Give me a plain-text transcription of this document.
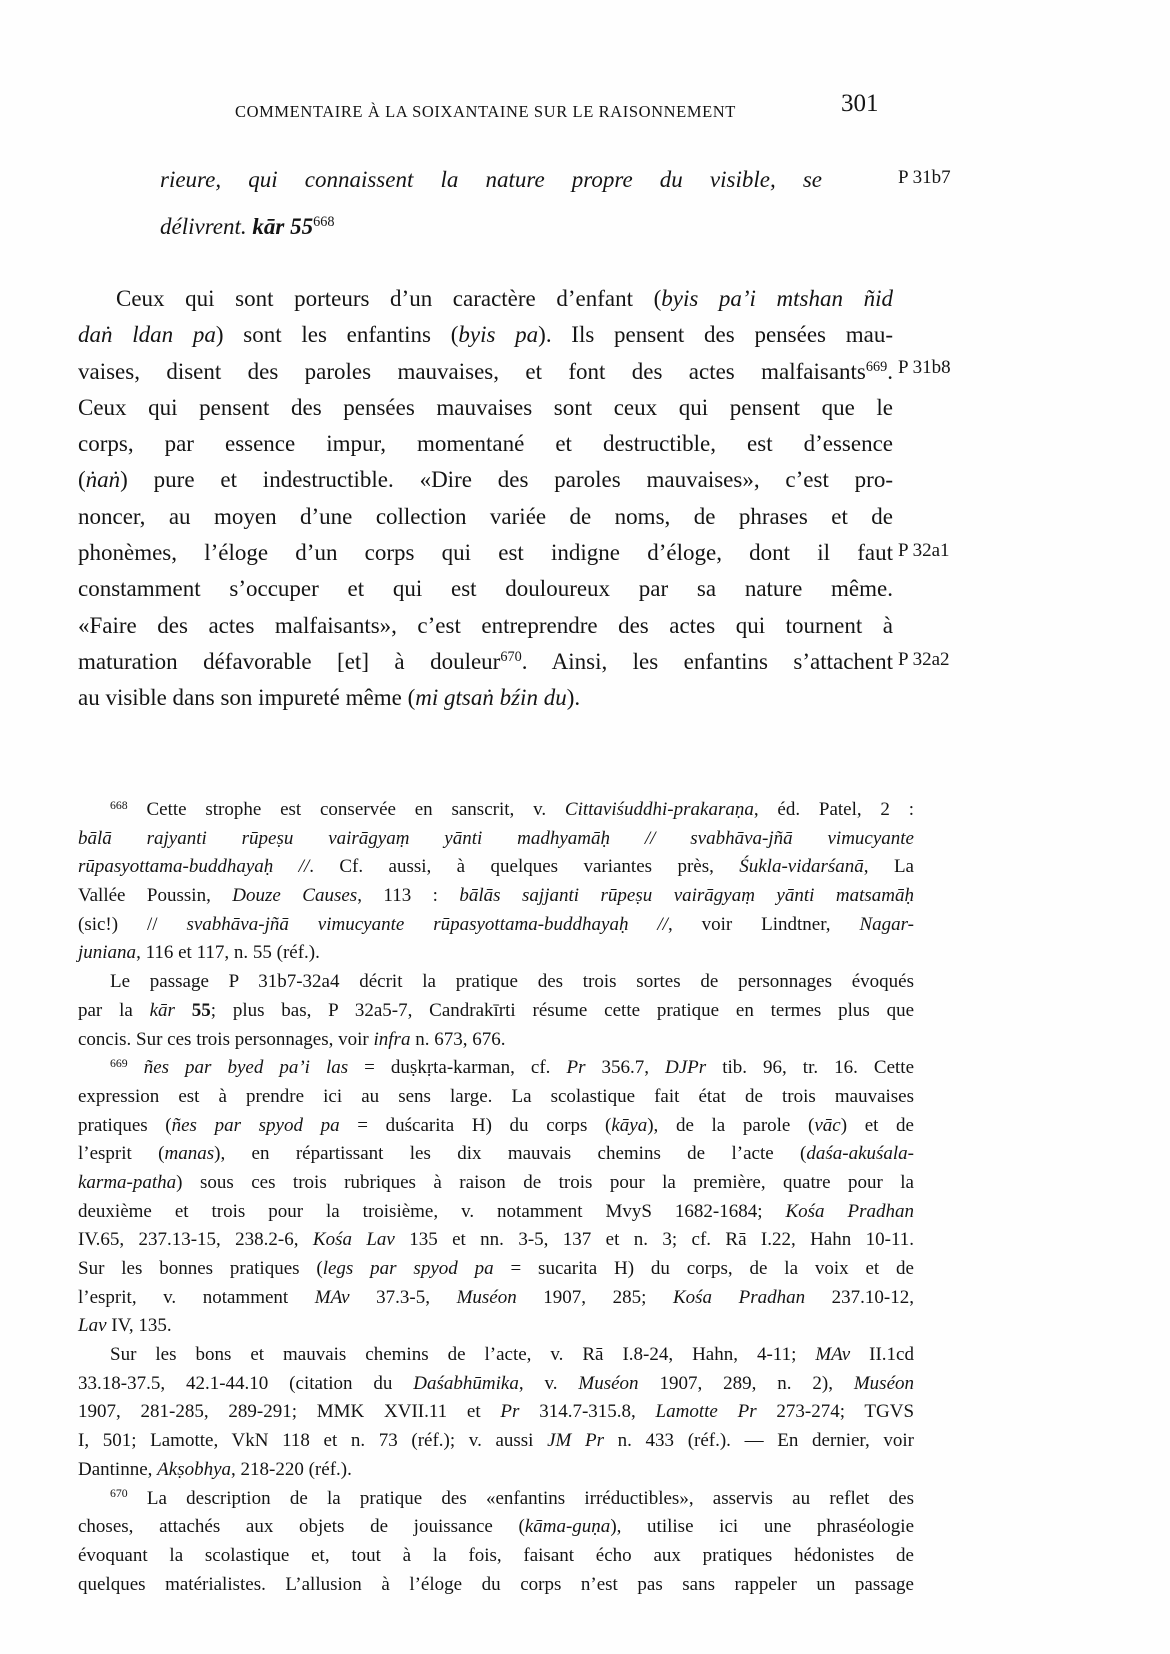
COMMENTAIRE À LA SOIXANTAINE SUR LE RAISONNEMENT	301
P 31b7
P 31b8
P 32a1
P 32a2
rieure, qui connaissent la nature propre du visible, se
délivrent. kār $55^{668}$
Ceux qui sont porteurs d’un caractère d’enfant (byis pa’i mtshan ñid
daṅ ldan pa) sont les enfantins (byis pa). Ils pensent des pensées mau-
vaises, disent des paroles mauvaises, et font des actes malfaisants$^{669}$.
Ceux qui pensent des pensées mauvaises sont ceux qui pensent que le
corps, par essence impur, momentané et destructible, est d’essence
(ṅaṅ) pure et indestructible. «Dire des paroles mauvaises», c’est pro-
noncer, au moyen d’une collection variée de noms, de phrases et de
phonèmes, l’éloge d’un corps qui est indigne d’éloge, dont il faut
constamment s’occuper et qui est douloureux par sa nature même.
«Faire des actes malfaisants», c’est entreprendre des actes qui tournent à
maturation défavorable [et] à douleur$^{670}$. Ainsi, les enfantins s’attachent
au visible dans son impureté même (mi gtsaṅ bźin du).
$^{668}$ Cette strophe est conservée en sanscrit, v. Cittaviśuddhi-prakaraṇa, éd. Patel, 2 :
bālā rajyanti rūpeṣu vairāgyaṃ yānti madhyamāḥ // svabhāva-jñā vimucyante
rūpasyottama-buddhayaḥ //. Cf. aussi, à quelques variantes près, Śukla-vidarśanā, La
Vallée Poussin, Douze Causes, 113 : bālās sajjanti rūpeṣu vairāgyaṃ yānti matsamāḥ
(sic!) // svabhāva-jñā vimucyante rūpasyottama-buddhayaḥ //, voir Lindtner, Nagar-
juniana, 116 et 117, n. 55 (réf.).
Le passage P 31b7-32a4 décrit la pratique des trois sortes de personnages évoqués
par la kār 55; plus bas, P 32a5-7, Candrakīrti résume cette pratique en termes plus que
concis. Sur ces trois personnages, voir infra n. 673, 676.
$^{669}$ ñes par byed pa’i las = duṣkṛta-karman, cf. Pr 356.7, DJPr tib. 96, tr. 16. Cette
expression est à prendre ici au sens large. La scolastique fait état de trois mauvaises
pratiques (ñes par spyod pa = duścarita H) du corps (kāya), de la parole (vāc) et de
l’esprit (manas), en répartissant les dix mauvais chemins de l’acte (daśa-akuśala-
karma-patha) sous ces trois rubriques à raison de trois pour la première, quatre pour la
deuxième et trois pour la troisième, v. notamment MvyS 1682-1684; Kośa Pradhan
IV.65, 237.13-15, 238.2-6, Kośa Lav 135 et nn. 3-5, 137 et n. 3; cf. Rā I.22, Hahn 10-11.
Sur les bonnes pratiques (legs par spyod pa = sucarita H) du corps, de la voix et de
l’esprit, v. notamment MAv 37.3-5, Muséon 1907, 285; Kośa Pradhan 237.10-12,
Lav IV, 135.
Sur les bons et mauvais chemins de l’acte, v. Rā I.8-24, Hahn, 4-11; MAv II.1cd
33.18-37.5, 42.1-44.10 (citation du Daśabhūmika, v. Muséon 1907, 289, n. 2), Muséon
1907, 281-285, 289-291; MMK XVII.11 et Pr 314.7-315.8, Lamotte Pr 273-274; TGVS
I, 501; Lamotte, VkN 118 et n. 73 (réf.); v. aussi JM Pr n. 433 (réf.). — En dernier, voir
Dantinne, Akṣobhya, 218-220 (réf.).
$^{670}$ La description de la pratique des «enfantins irréductibles», asservis au reflet des
choses, attachés aux objets de jouissance (kāma-guṇa), utilise ici une phraséologie
évoquant la scolastique et, tout à la fois, faisant écho aux pratiques hédonistes de
quelques matérialistes. L’allusion à l’éloge du corps n’est pas sans rappeler un passage
